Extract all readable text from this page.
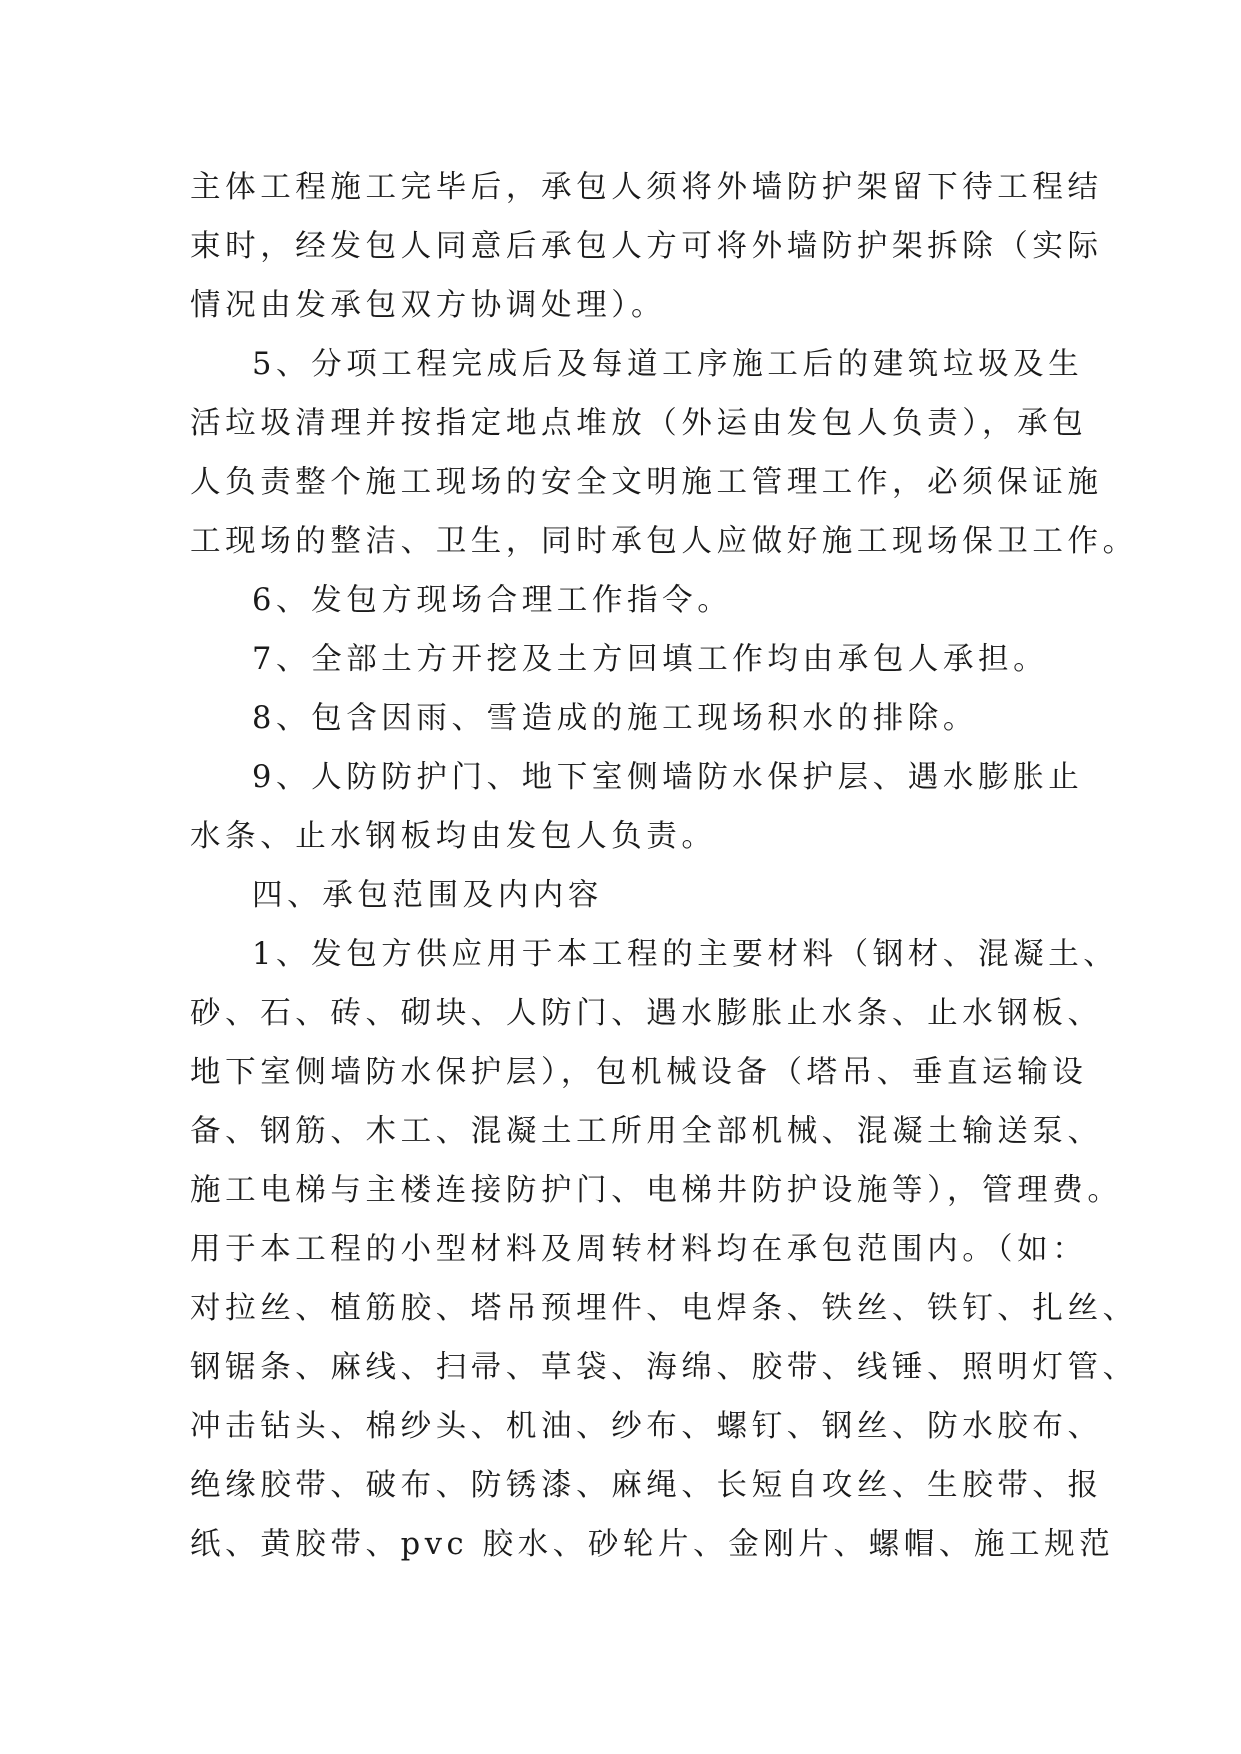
主体工程施工完毕后，承包人须将外墙防护架留下待工程结
束时，经发包人同意后承包人方可将外墙防护架拆除（实际
情况由发承包双方协调处理）。
5、分项工程完成后及每道工序施工后的建筑垃圾及生
活垃圾清理并按指定地点堆放（外运由发包人负责），承包
人负责整个施工现场的安全文明施工管理工作，必须保证施
工现场的整洁、卫生，同时承包人应做好施工现场保卫工作。
6、发包方现场合理工作指令。
7、全部土方开挖及土方回填工作均由承包人承担。
8、包含因雨、雪造成的施工现场积水的排除。
9、人防防护门、地下室侧墙防水保护层、遇水膨胀止
水条、止水钢板均由发包人负责。
四、承包范围及内内容
1、发包方供应用于本工程的主要材料（钢材、混凝土、
砂、石、砖、砌块、人防门、遇水膨胀止水条、止水钢板、
地下室侧墙防水保护层），包机械设备（塔吊、垂直运输设
备、钢筋、木工、混凝土工所用全部机械、混凝土输送泵、
施工电梯与主楼连接防护门、电梯井防护设施等），管理费。
用于本工程的小型材料及周转材料均在承包范围内。（如：
对拉丝、植筋胶、塔吊预埋件、电焊条、铁丝、铁钉、扎丝、
钢锯条、麻线、扫帚、草袋、海绵、胶带、线锤、照明灯管、
冲击钻头、棉纱头、机油、纱布、螺钉、钢丝、防水胶布、
绝缘胶带、破布、防锈漆、麻绳、长短自攻丝、生胶带、报
纸、黄胶带、pvc 胶水、砂轮片、金刚片、螺帽、施工规范
